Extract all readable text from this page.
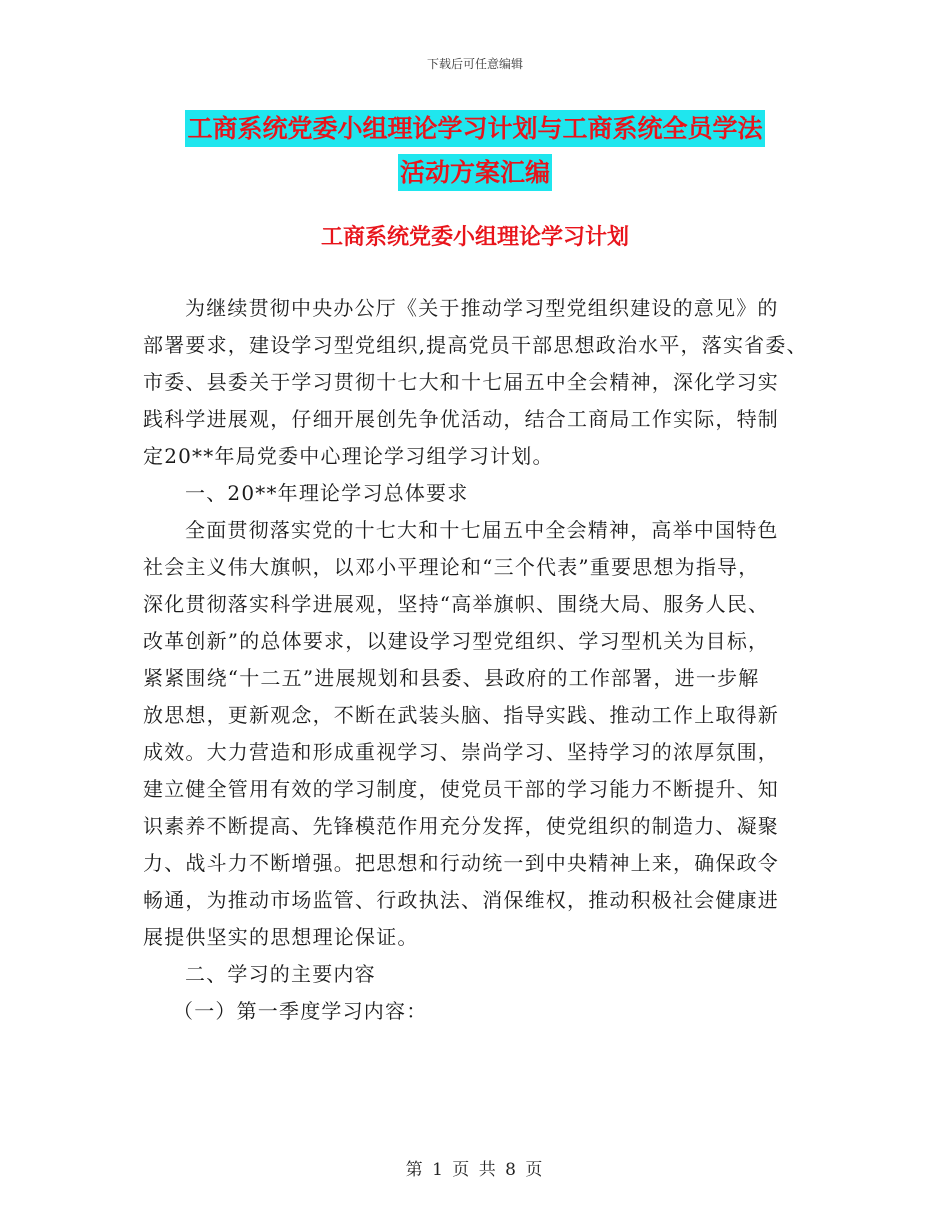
下载后可任意编辑
工商系统党委小组理论学习计划与工商系统全员学法
活动方案汇编
工商系统党委小组理论学习计划
为继续贯彻中央办公厅《关于推动学习型党组织建设的意见》的
部署要求，建设学习型党组织,提高党员干部思想政治水平，落实省委、
市委、县委关于学习贯彻十七大和十七届五中全会精神，深化学习实
践科学进展观，仔细开展创先争优活动，结合工商局工作实际，特制
定20**年局党委中心理论学习组学习计划。
一、20**年理论学习总体要求
全面贯彻落实党的十七大和十七届五中全会精神，高举中国特色
社会主义伟大旗帜，以邓小平理论和“三个代表”重要思想为指导，
深化贯彻落实科学进展观，坚持“高举旗帜、围绕大局、服务人民、
改革创新”的总体要求，以建设学习型党组织、学习型机关为目标，
紧紧围绕“十二五”进展规划和县委、县政府的工作部署，进一步解
放思想，更新观念，不断在武装头脑、指导实践、推动工作上取得新
成效。大力营造和形成重视学习、崇尚学习、坚持学习的浓厚氛围，
建立健全管用有效的学习制度，使党员干部的学习能力不断提升、知
识素养不断提高、先锋模范作用充分发挥，使党组织的制造力、凝聚
力、战斗力不断增强。把思想和行动统一到中央精神上来，确保政令
畅通，为推动市场监管、行政执法、消保维权，推动积极社会健康进
展提供坚实的思想理论保证。
二、学习的主要内容
（一）第一季度学习内容：
第 1 页 共 8 页
